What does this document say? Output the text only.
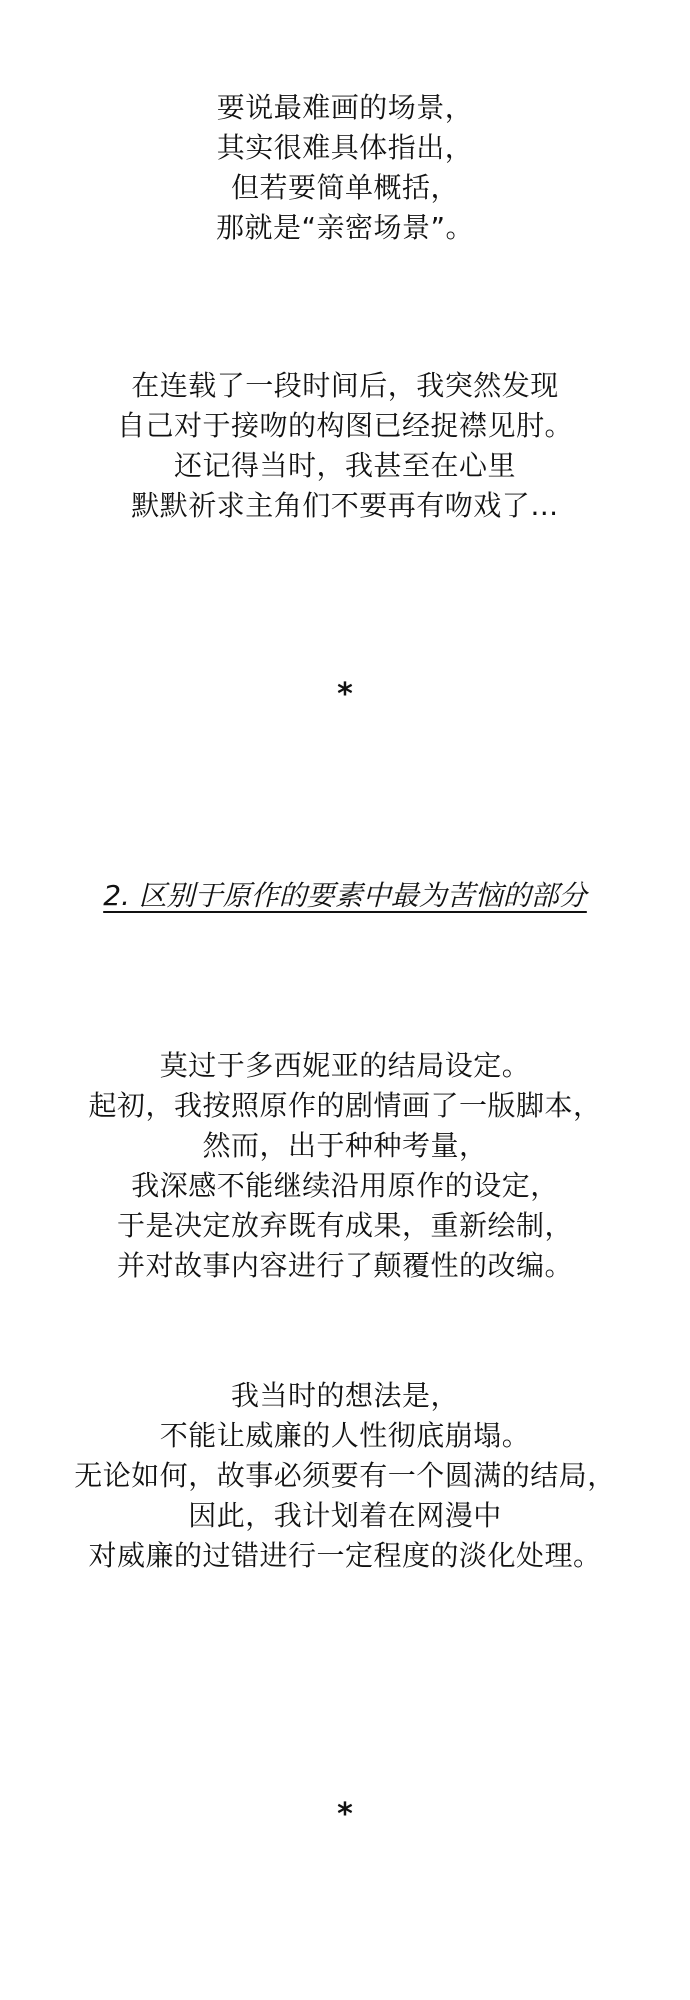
要说最难画的场景，
其实很难具体指出，
但若要简单概括，
那就是“亲密场景”。
在连载了一段时间后，我突然发现
自己对于接吻的构图已经捉襟见肘。
还记得当时，我甚至在心里
默默祈求主角们不要再有吻戏了…

*

2. 区别于原作的要素中最为苦恼的部分

莫过于多西妮亚的结局设定。
起初，我按照原作的剧情画了一版脚本，
然而，出于种种考量，
我深感不能继续沿用原作的设定，
于是决定放弃既有成果，重新绘制，
并对故事内容进行了颠覆性的改编。
我当时的想法是，
不能让威廉的人性彻底崩塌。
无论如何，故事必须要有一个圆满的结局，
因此，我计划着在网漫中
对威廉的过错进行一定程度的淡化处理。

*
